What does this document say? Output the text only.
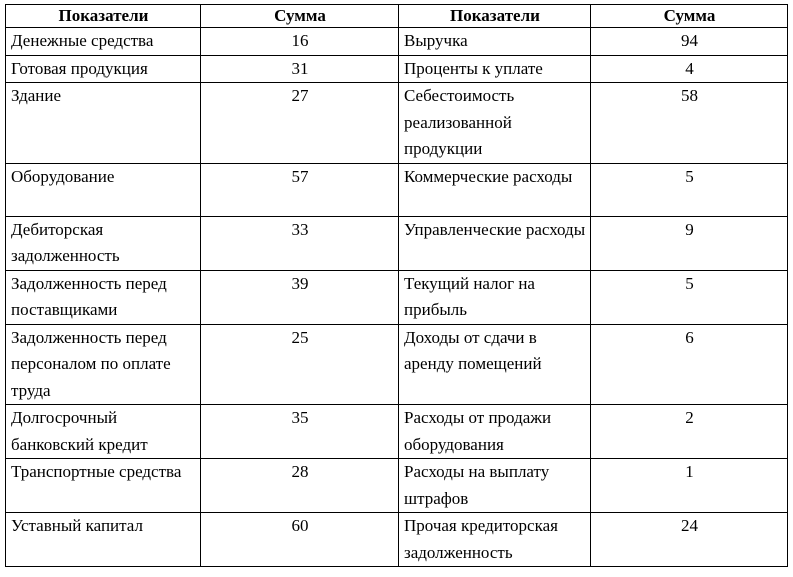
Показатели	Сумма	Показатели	Сумма
Денежные средства	16	Выручка	94
Готовая продукция	31	Проценты к уплате	4
Здание	27	Себестоимость реализованной продукции	58
Оборудование	57	Коммерческие расходы	5
Дебиторская задолженность	33	Управленческие расходы	9
Задолженность перед поставщиками	39	Текущий налог на прибыль	5
Задолженность перед персоналом по оплате труда	25	Доходы от сдачи в аренду помещений	6
Долгосрочный банковский кредит	35	Расходы от продажи оборудования	2
Транспортные средства	28	Расходы на выплату штрафов	1
Уставный капитал	60	Прочая кредиторская задолженность	24
